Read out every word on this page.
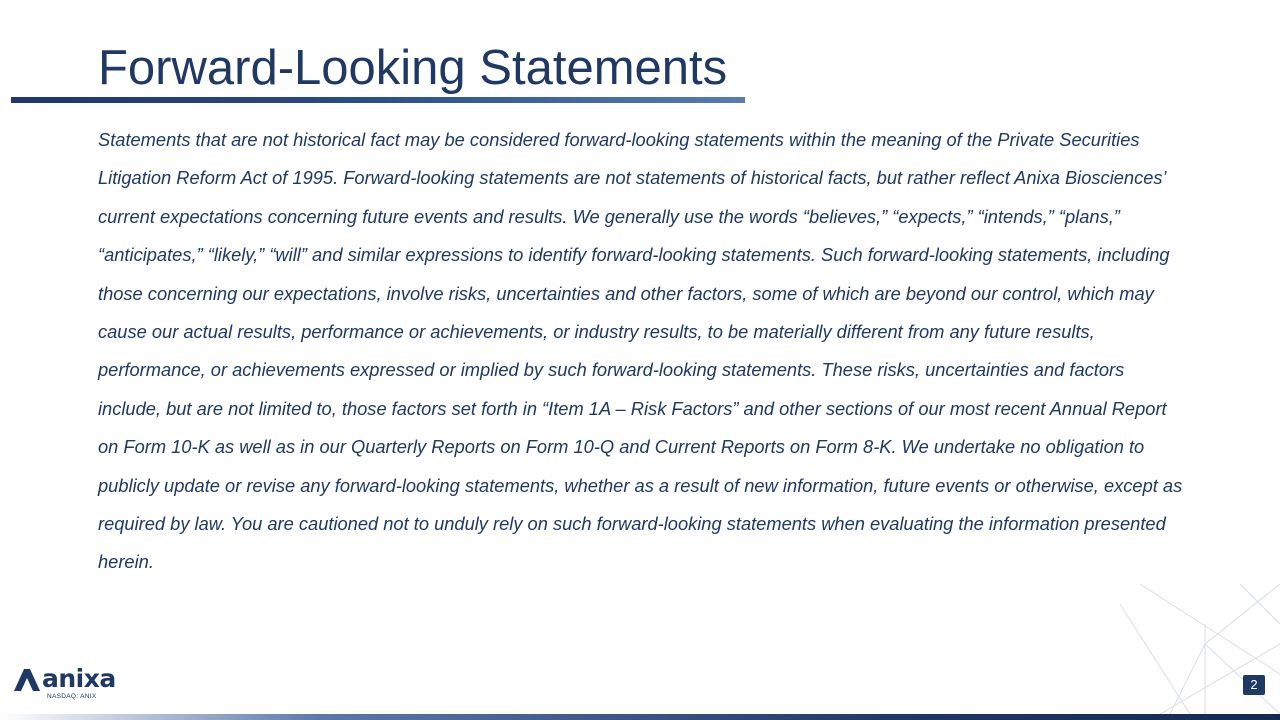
Forward-Looking Statements

Statements that are not historical fact may be considered forward-looking statements within the meaning of the Private Securities Litigation Reform Act of 1995. Forward-looking statements are not statements of historical facts, but rather reflect Anixa Biosciences’ current expectations concerning future events and results. We generally use the words “believes,” “expects,” “intends,” “plans,” “anticipates,” “likely,” “will” and similar expressions to identify forward-looking statements. Such forward-looking statements, including those concerning our expectations, involve risks, uncertainties and other factors, some of which are beyond our control, which may cause our actual results, performance or achievements, or industry results, to be materially different from any future results, performance, or achievements expressed or implied by such forward-looking statements. These risks, uncertainties and factors include, but are not limited to, those factors set forth in “Item 1A – Risk Factors” and other sections of our most recent Annual Report on Form 10-K as well as in our Quarterly Reports on Form 10-Q and Current Reports on Form 8-K. We undertake no obligation to publicly update or revise any forward-looking statements, whether as a result of new information, future events or otherwise, except as required by law. You are cautioned not to unduly rely on such forward-looking statements when evaluating the information presented herein.

anixa
NASDAQ: ANIX
2
